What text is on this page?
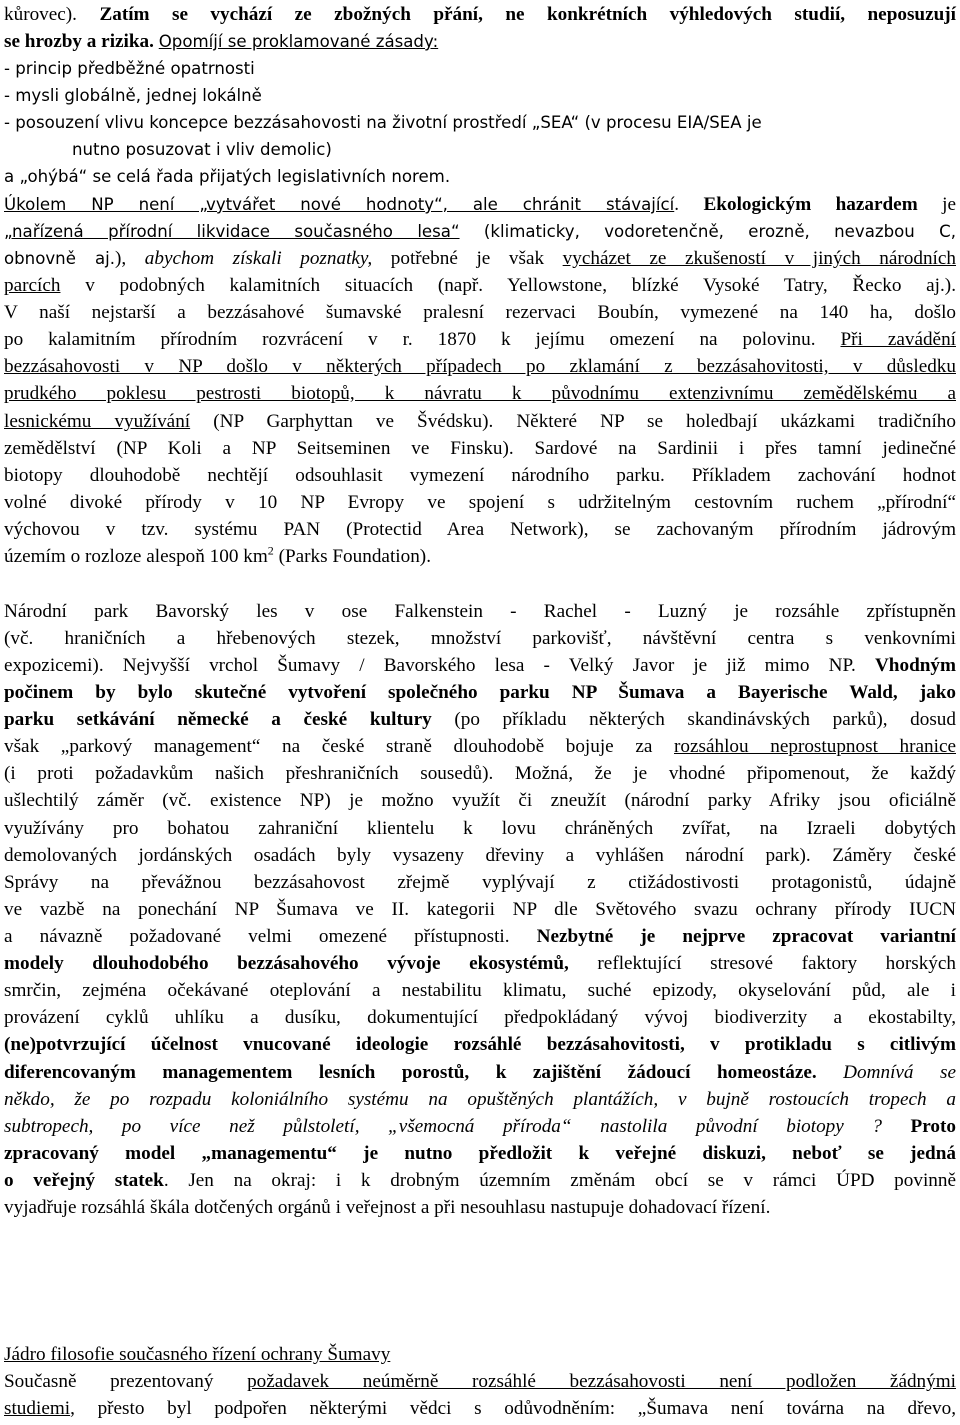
kůrovec). Zatím se vychází ze zbožných přání, ne konkrétních výhledových studií, neposuzují
se hrozby a rizika. Opomíjí se proklamované zásady:
- princip předběžné opatrnosti
- mysli globálně, jednej lokálně
- posouzení vlivu koncepce bezzásahovosti na životní prostředí „SEA“ (v procesu EIA/SEA je
nutno posuzovat i vliv demolic)
a „ohýbá“ se celá řada přijatých legislativních norem.
Úkolem NP není „vytvářet nové hodnoty“, ale chránit stávající. Ekologickým hazardem je
„nařízená přírodní likvidace současného lesa“ (klimaticky, vodoretenčně, erozně, nevazbou C,
obnovně aj.), abychom získali poznatky, potřebné je však vycházet ze zkušeností v jiných národních
parcích v podobných kalamitních situacích (např. Yellowstone, blízké Vysoké Tatry, Řecko aj.).
V naší nejstarší a bezzásahové šumavské pralesní rezervaci Boubín, vymezené na 140 ha, došlo
po kalamitním přírodním rozvrácení v r. 1870 k jejímu omezení na polovinu. Při zavádění
bezzásahovosti v NP došlo v některých případech po zklamání z bezzásahovitosti, v důsledku
prudkého poklesu pestrosti biotopů, k návratu k původnímu extenzivnímu zemědělskému a
lesnickému využívání (NP Garphyttan ve Švédsku). Některé NP se holedbají ukázkami tradičního
zemědělství (NP Koli a NP Seitseminen ve Finsku). Sardové na Sardinii i přes tamní jedinečné
biotopy dlouhodobě nechtějí odsouhlasit vymezení národního parku. Příkladem zachování hodnot
volné divoké přírody v 10 NP Evropy ve spojení s udržitelným cestovním ruchem „přírodní“
výchovou v tzv. systému PAN (Protectid Area Network), se zachovaným přírodním jádrovým
územím o rozloze alespoň 100 $km^2$ (Parks Foundation).
Národní park Bavorský les v ose Falkenstein - Rachel - Luzný je rozsáhle zpřístupněn
(vč. hraničních a hřebenových stezek, množství parkovišť, návštěvní centra s venkovními
expozicemi). Nejvyšší vrchol Šumavy / Bavorského lesa - Velký Javor je již mimo NP. Vhodným
počinem by bylo skutečné vytvoření společného parku NP Šumava a Bayerische Wald, jako
parku setkávání německé a české kultury (po příkladu některých skandinávských parků), dosud
však „parkový management“ na české straně dlouhodobě bojuje za rozsáhlou neprostupnost hranice
(i proti požadavkům našich přeshraničních sousedů). Možná, že je vhodné připomenout, že každý
ušlechtilý záměr (vč. existence NP) je možno využít či zneužít (národní parky Afriky jsou oficiálně
využívány pro bohatou zahraniční klientelu k lovu chráněných zvířat, na Izraeli dobytých
demolovaných jordánských osadách byly vysazeny dřeviny a vyhlášen národní park). Záměry české
Správy na převážnou bezzásahovost zřejmě vyplývají z ctižádostivosti protagonistů, údajně
ve vazbě na ponechání NP Šumava ve II. kategorii NP dle Světového svazu ochrany přírody IUCN
a návazně požadované velmi omezené přístupnosti. Nezbytné je nejprve zpracovat variantní
modely dlouhodobého bezzásahového vývoje ekosystémů, reflektující stresové faktory horských
smrčin, zejména očekávané oteplování a nestabilitu klimatu, suché epizody, okyselování půd, ale i
provázení cyklů uhlíku a dusíku, dokumentující předpokládaný vývoj biodiverzity a ekostabilty,
(ne)potvrzující účelnost vnucované ideologie rozsáhlé bezzásahovitosti, v protikladu s citlivým
diferencovaným managementem lesních porostů, k zajištění žádoucí homeostáze. Domnívá se
někdo, že po rozpadu koloniálního systému na opuštěných plantážích, v bujně rostoucích tropech a
subtropech, po více než půlstoletí, „všemocná příroda“ nastolila původní biotopy ? Proto
zpracovaný model „managementu“ je nutno předložit k veřejné diskuzi, neboť se jedná
o veřejný statek. Jen na okraj: i k drobným územním změnám obcí se v rámci ÚPD povinně
vyjadřuje rozsáhlá škála dotčených orgánů i veřejnost a při nesouhlasu nastupuje dohadovací řízení.
Jádro filosofie současného řízení ochrany Šumavy
Současně prezentovaný požadavek neúměrně rozsáhlé bezzásahovosti není podložen žádnými
studiemi, přesto byl podpořen některými vědci s odůvodněním: „Šumava není továrna na dřevo,
